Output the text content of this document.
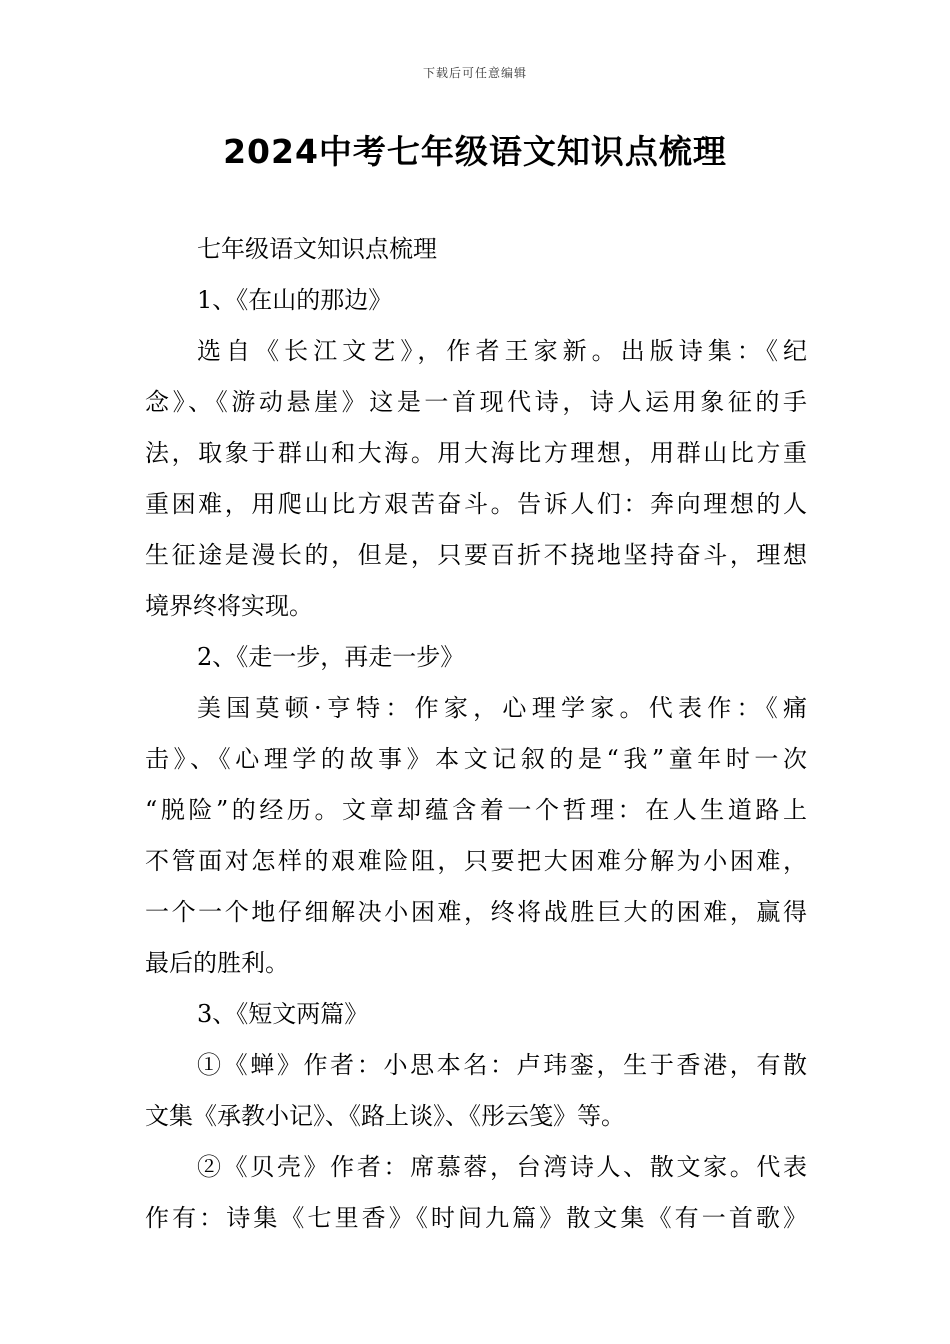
下载后可任意编辑
2024中考七年级语文知识点梳理

七年级语文知识点梳理

1、《在山的那边》

选自《长江文艺》，作者王家新。出版诗集：《纪

念》、《游动悬崖》这是一首现代诗，诗人运用象征的手

法，取象于群山和大海。用大海比方理想，用群山比方重

重困难，用爬山比方艰苦奋斗。告诉人们：奔向理想的人

生征途是漫长的，但是，只要百折不挠地坚持奋斗，理想

境界终将实现。

2、《走一步，再走一步》

美国莫顿·亨特：作家，心理学家。代表作：《痛

击》、《心理学的故事》本文记叙的是“我”童年时一次

“脱险”的经历。文章却蕴含着一个哲理：在人生道路上

不管面对怎样的艰难险阻，只要把大困难分解为小困难，

一个一个地仔细解决小困难，终将战胜巨大的困难，赢得

最后的胜利。

3、《短文两篇》

①《蝉》作者：小思本名：卢玮銮，生于香港，有散

文集《承教小记》、《路上谈》、《彤云笺》等。

②《贝壳》作者：席慕蓉，台湾诗人、散文家。代表

作有：诗集《七里香》《时间九篇》散文集《有一首歌》
